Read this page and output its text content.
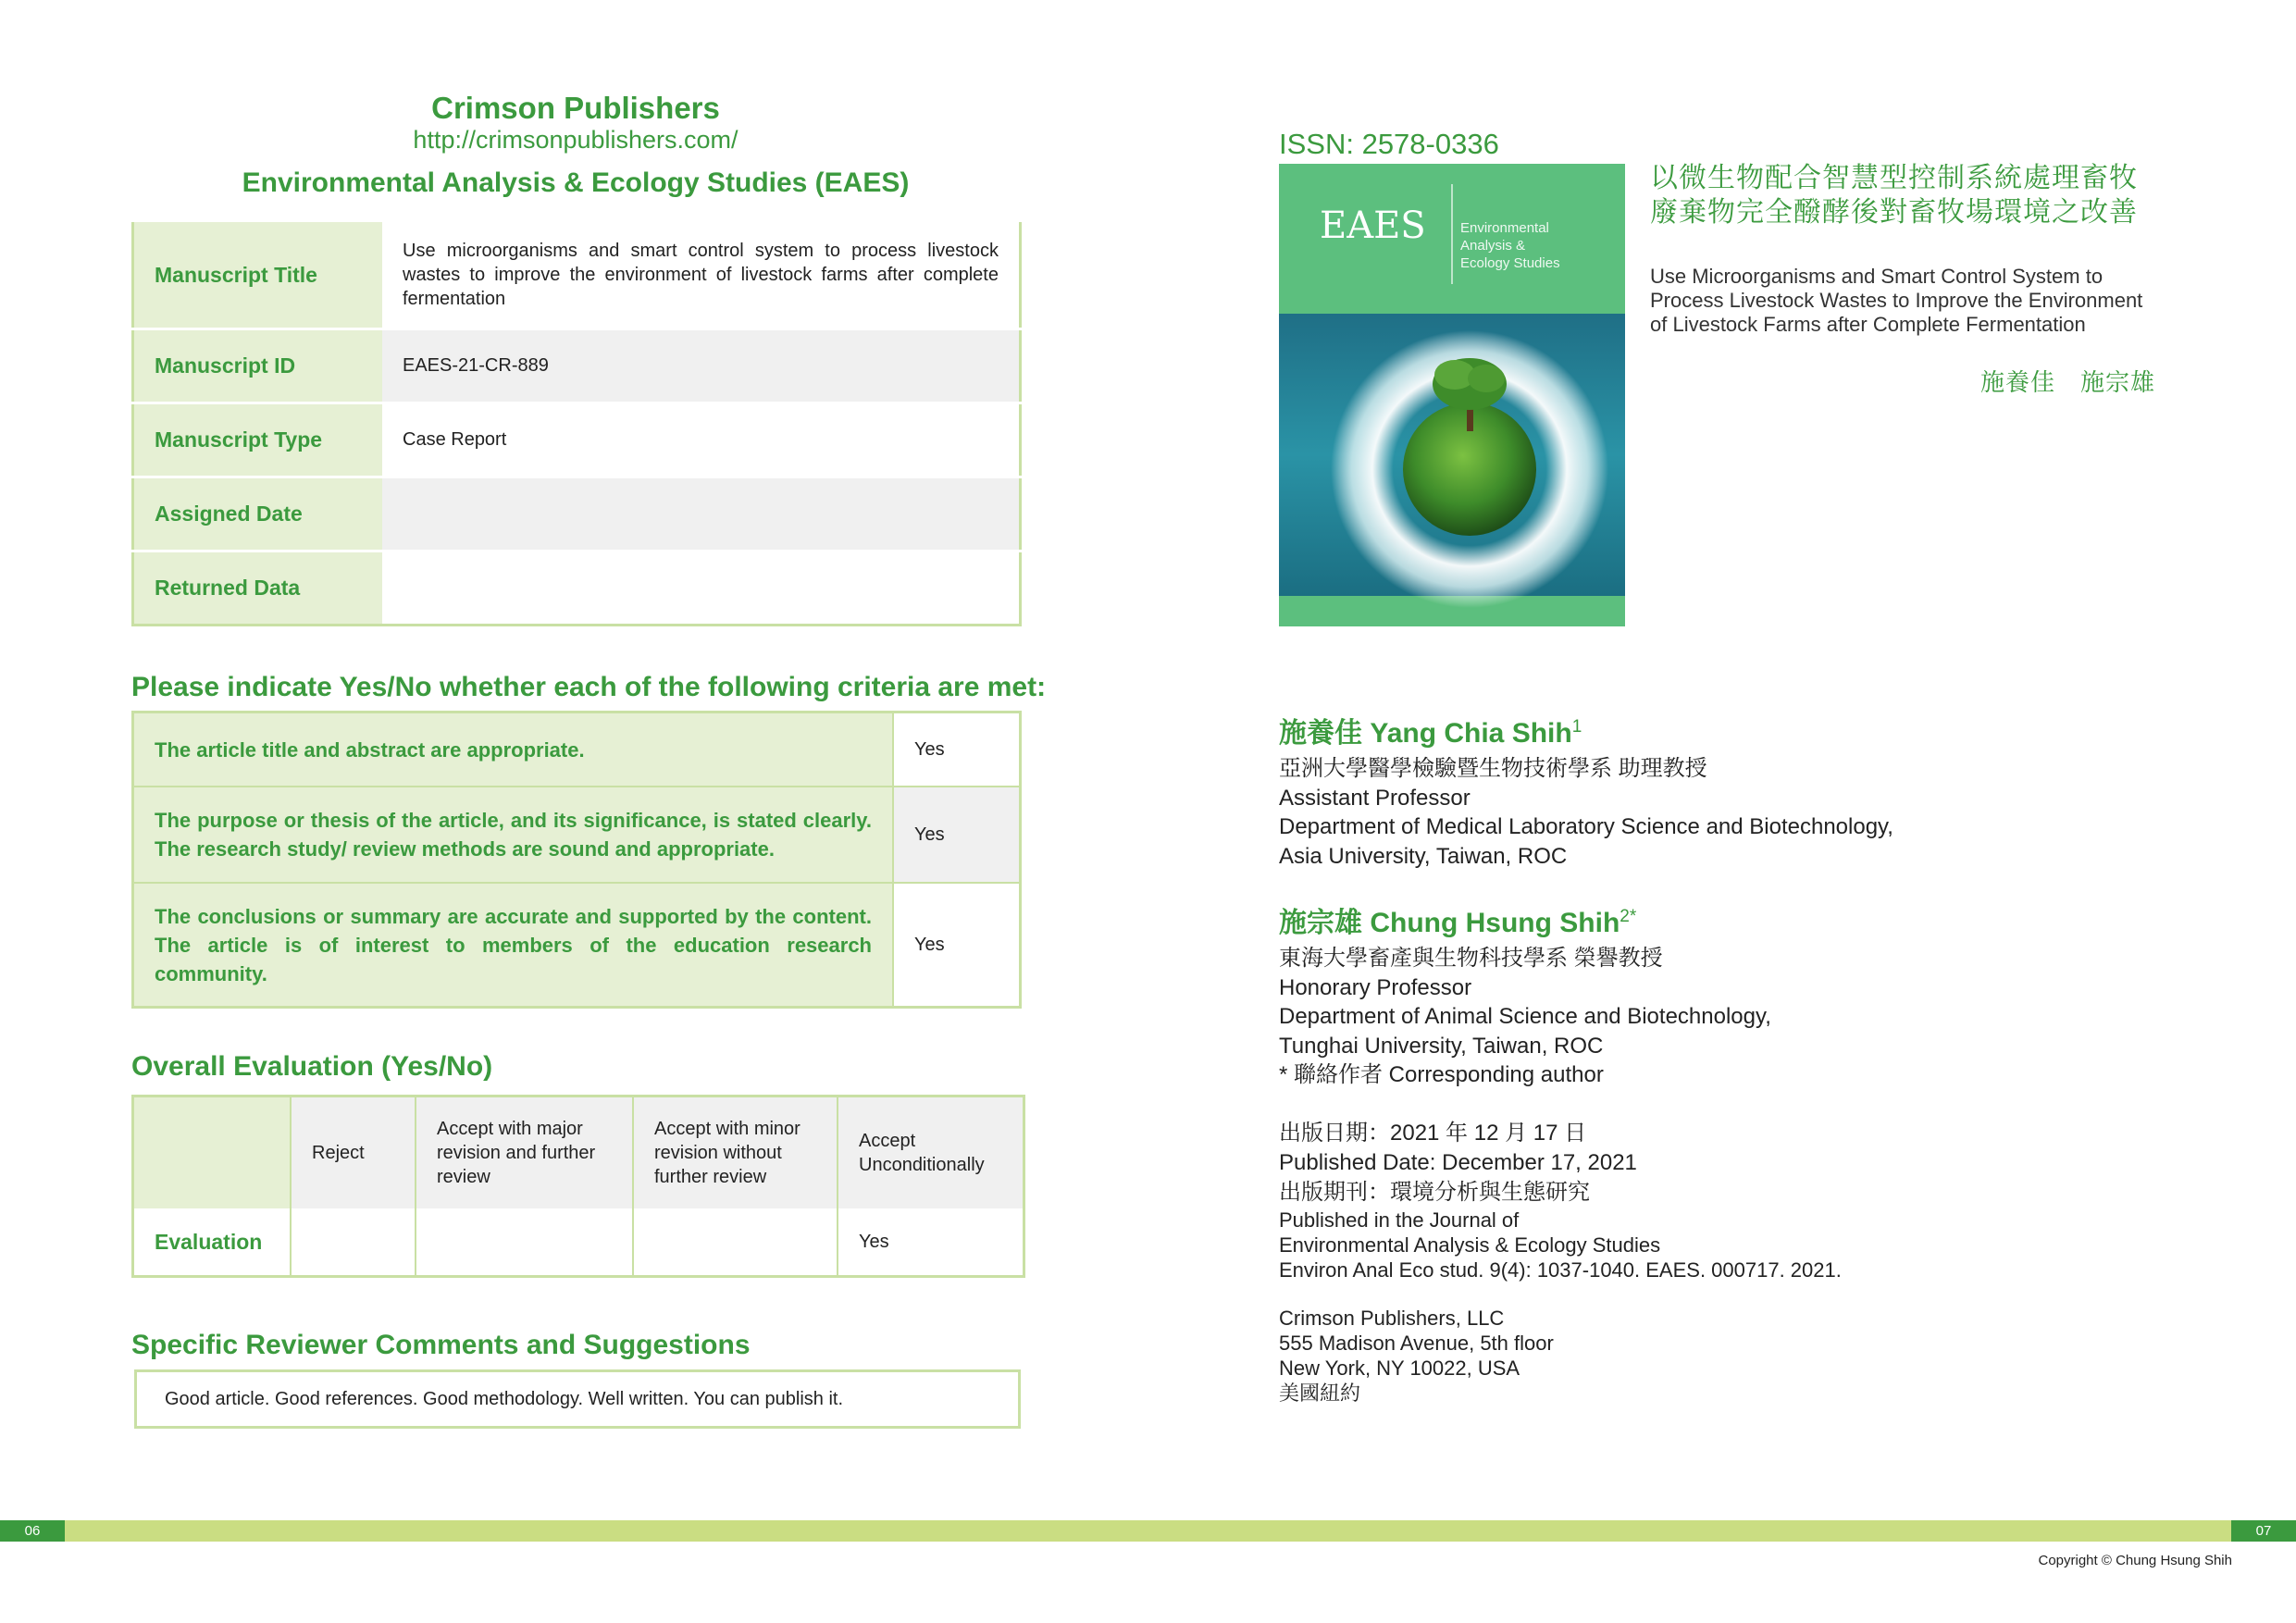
Crimson Publishers
http://crimsonpublishers.com/
Environmental Analysis & Ecology Studies (EAES)
Manuscript Title	Use microorganisms and smart control system to process livestock wastes to improve the environment of livestock farms after complete fermentation
Manuscript ID	EAES-21-CR-889
Manuscript Type	Case Report
Assigned Date	
Returned Data	
Please indicate Yes/No whether each of the following criteria are met:
The article title and abstract are appropriate.	Yes
The purpose or thesis of the article, and its significance, is stated clearly. The research study/ review methods are sound and appropriate.	Yes
The conclusions or summary are accurate and supported by the content. The article is of interest to members of the education research community.	Yes
Overall Evaluation (Yes/No)
	Reject	Accept with major revision and further review	Accept with minor revision without further review	Accept Unconditionally
Evaluation				Yes
Specific Reviewer Comments and Suggestions
Good article. Good references. Good methodology. Well written. You can publish it.
06	07
Copyright © Chung Hsung Shih
ISSN: 2578-0336
EAES Environmental
Analysis &
Ecology Studies
以微生物配合智慧型控制系統處理畜牧
廢棄物完全醱酵後對畜牧場環境之改善
Use Microorganisms and Smart Control System to
Process Livestock Wastes to Improve the Environment
of Livestock Farms after Complete Fermentation
施養佳　施宗雄
施養佳 Yang Chia Shih$^1$
亞洲大學醫學檢驗暨生物技術學系 助理教授
Assistant Professor
Department of Medical Laboratory Science and Biotechnology,
Asia University, Taiwan, ROC
施宗雄 Chung Hsung Shih$^{2*}$
東海大學畜產與生物科技學系 榮譽教授
Honorary Professor
Department of Animal Science and Biotechnology,
Tunghai University, Taiwan, ROC
* 聯絡作者 Corresponding author
出版日期：2021 年 12 月 17 日
Published Date: December 17, 2021
出版期刊：環境分析與生態研究
Published in the Journal of
Environmental Analysis & Ecology Studies
Environ Anal Eco stud. 9(4): 1037-1040. EAES. 000717. 2021.
Crimson Publishers, LLC
555 Madison Avenue, 5th floor
New York, NY 10022, USA
美國紐約
